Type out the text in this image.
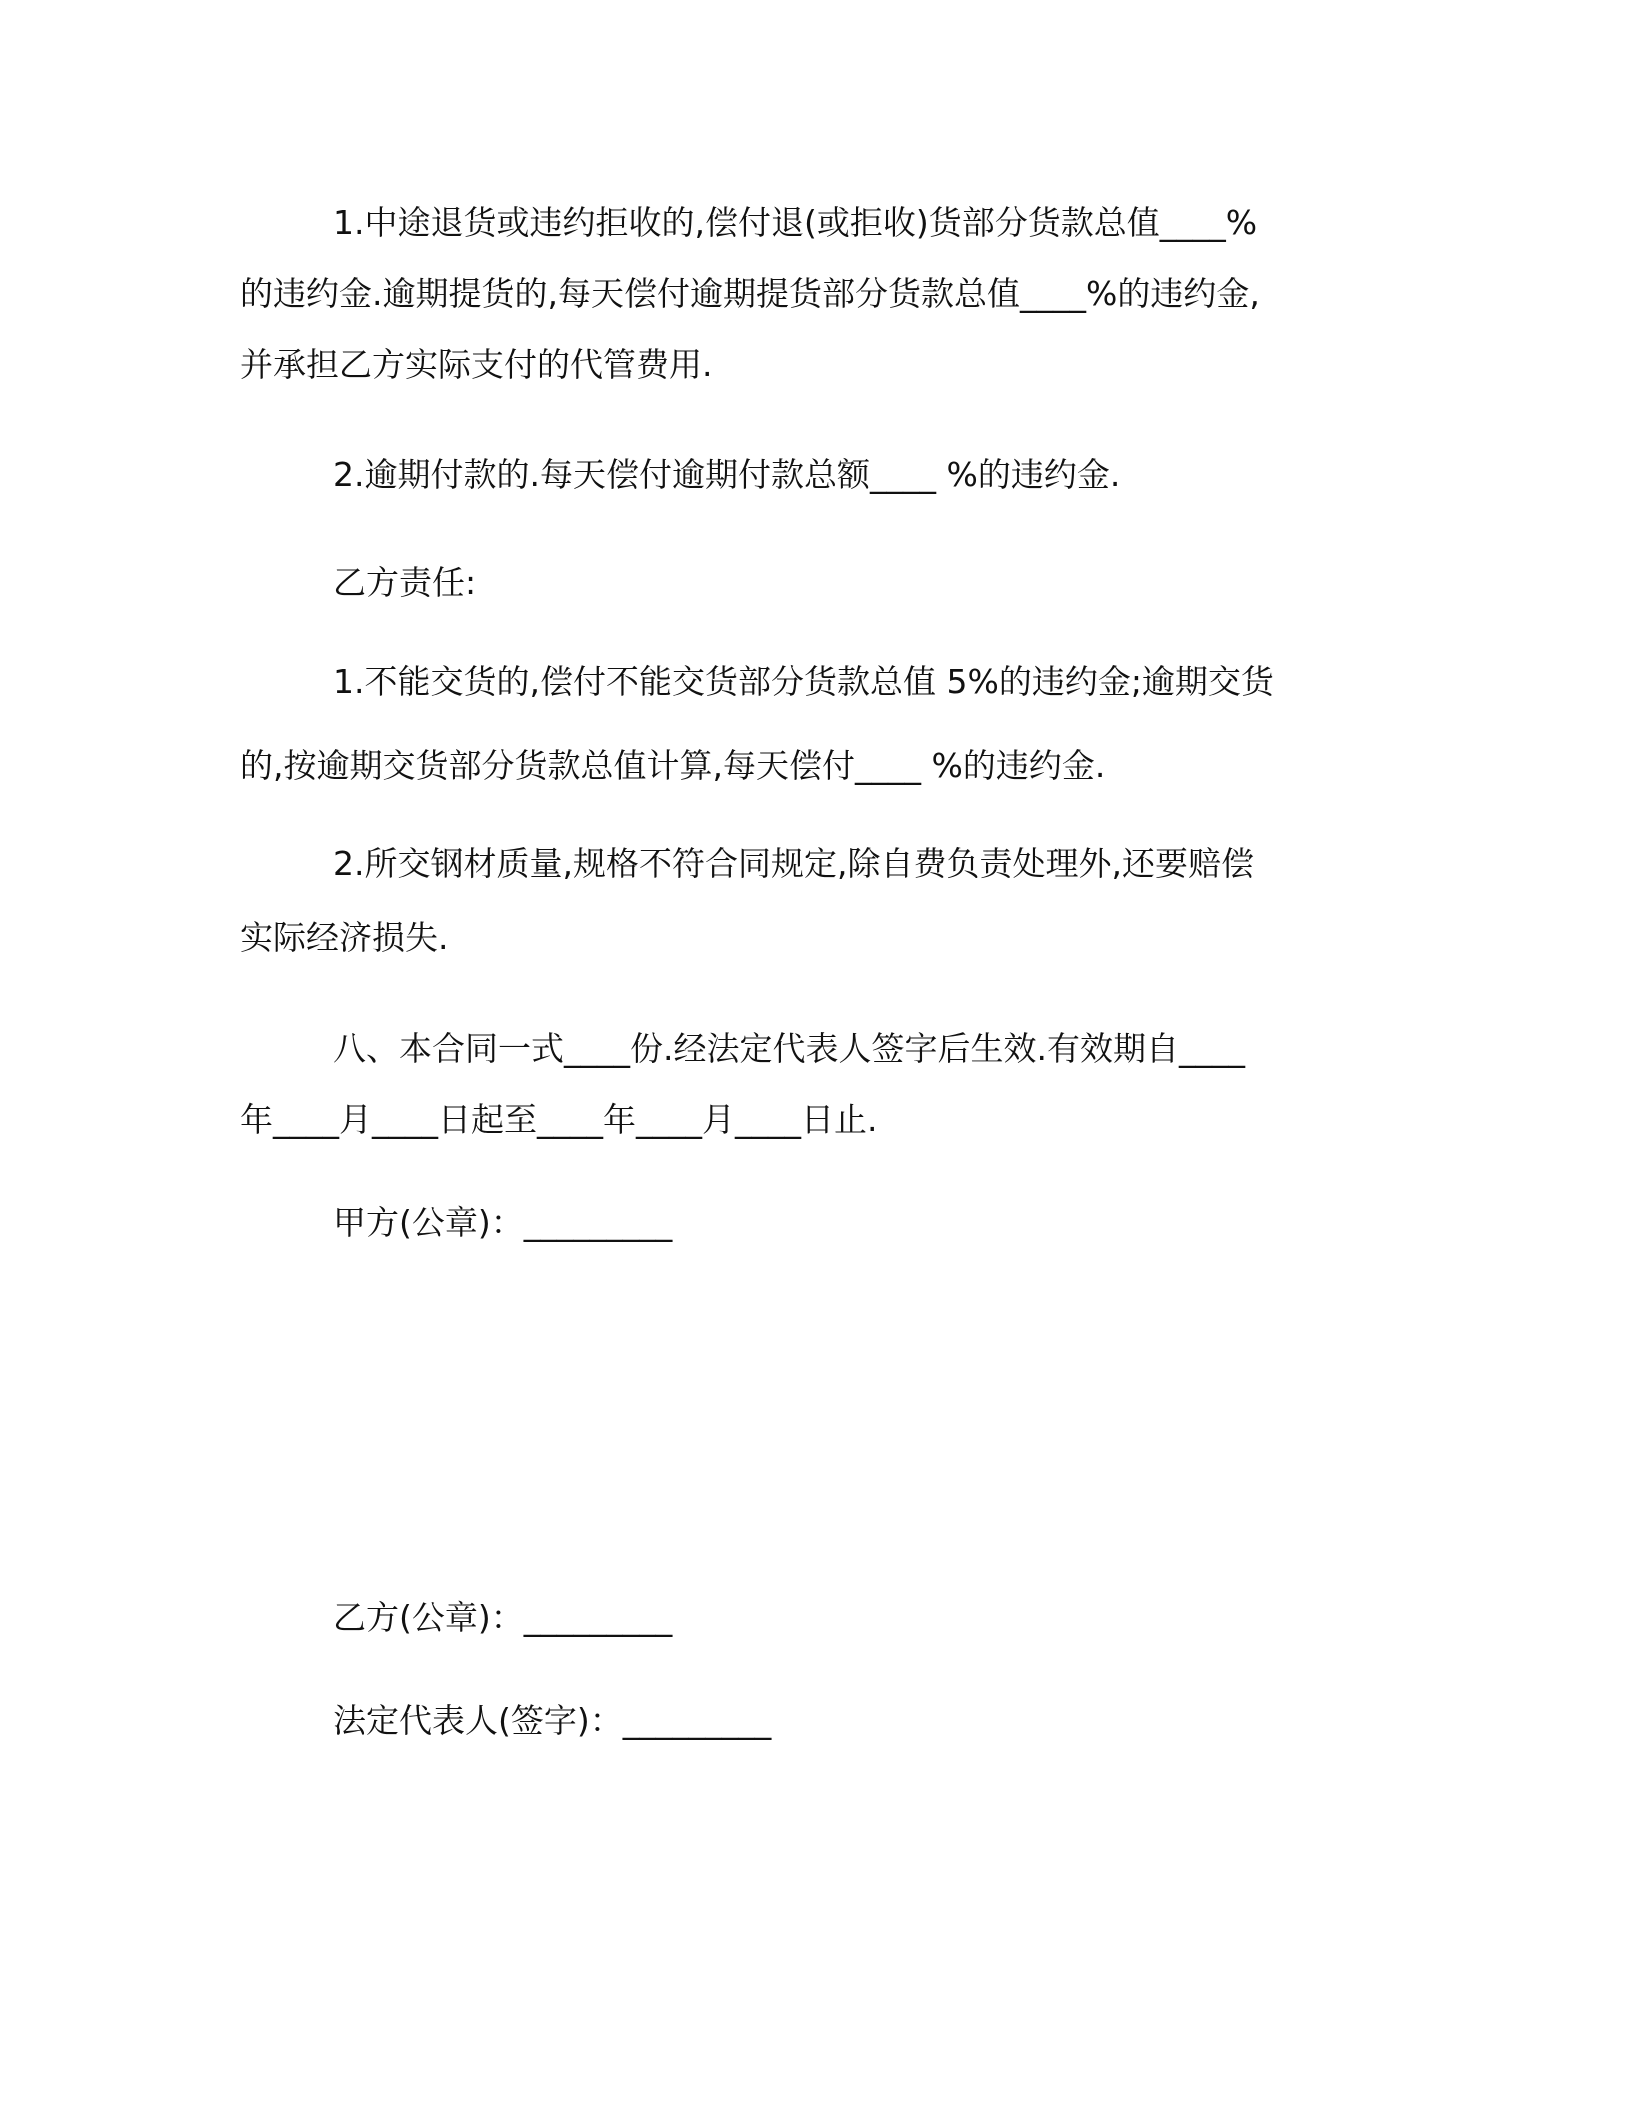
1.中途退货或违约拒收的,偿付退(或拒收)货部分货款总值____%
的违约金.逾期提货的,每天偿付逾期提货部分货款总值____%的违约金,
并承担乙方实际支付的代管费用.
2.逾期付款的.每天偿付逾期付款总额____ %的违约金.
乙方责任:
1.不能交货的,偿付不能交货部分货款总值 5%的违约金;逾期交货
的,按逾期交货部分货款总值计算,每天偿付____ %的违约金.
2.所交钢材质量,规格不符合同规定,除自费负责处理外,还要赔偿
实际经济损失.
八、本合同一式____份.经法定代表人签字后生效.有效期自____
年____月____日起至____年____月____日止.
甲方(公章)：_________
乙方(公章)：_________
法定代表人(签字)：_________
